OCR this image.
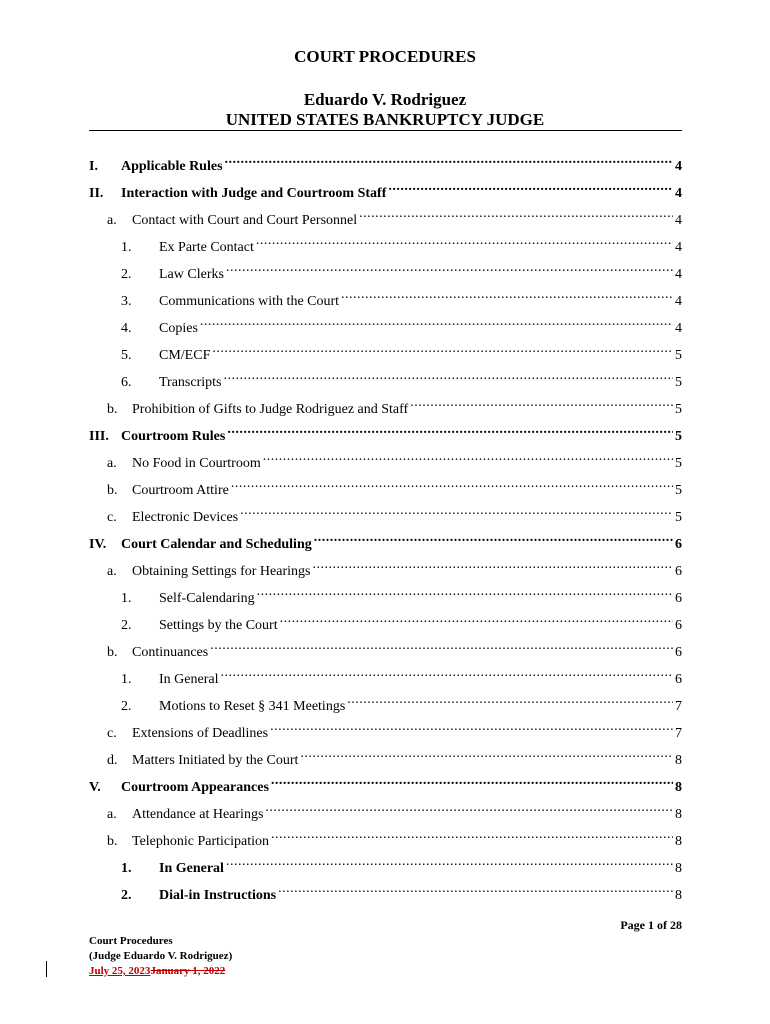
COURT PROCEDURES
Eduardo V. Rodriguez
UNITED STATES BANKRUPTCY JUDGE
I.	Applicable Rules .....	4
II.	Interaction with Judge and Courtroom Staff .....	4
a.	Contact with Court and Court Personnel .....	4
1.	Ex Parte Contact .....	4
2.	Law Clerks .....	4
3.	Communications with the Court .....	4
4.	Copies .....	4
5.	CM/ECF .....	5
6.	Transcripts .....	5
b.	Prohibition of Gifts to Judge Rodriguez and Staff .....	5
III. Courtroom Rules .....	5
a.	No Food in Courtroom .....	5
b.	Courtroom Attire .....	5
c.	Electronic Devices .....	5
IV.	Court Calendar and Scheduling .....	6
a.	Obtaining Settings for Hearings .....	6
1.	Self-Calendaring .....	6
2.	Settings by the Court .....	6
b.	Continuances .....	6
1.	In General .....	6
2.	Motions to Reset § 341 Meetings .....	7
c.	Extensions of Deadlines .....	7
d.	Matters Initiated by the Court .....	8
V.	Courtroom Appearances .....	8
a.	Attendance at Hearings .....	8
b.	Telephonic Participation .....	8
1.	In General .....	8
2.	Dial-in Instructions .....	8
Page 1 of 28
Court Procedures
(Judge Eduardo V. Rodriguez)
July 25, 2023January 1, 2022
